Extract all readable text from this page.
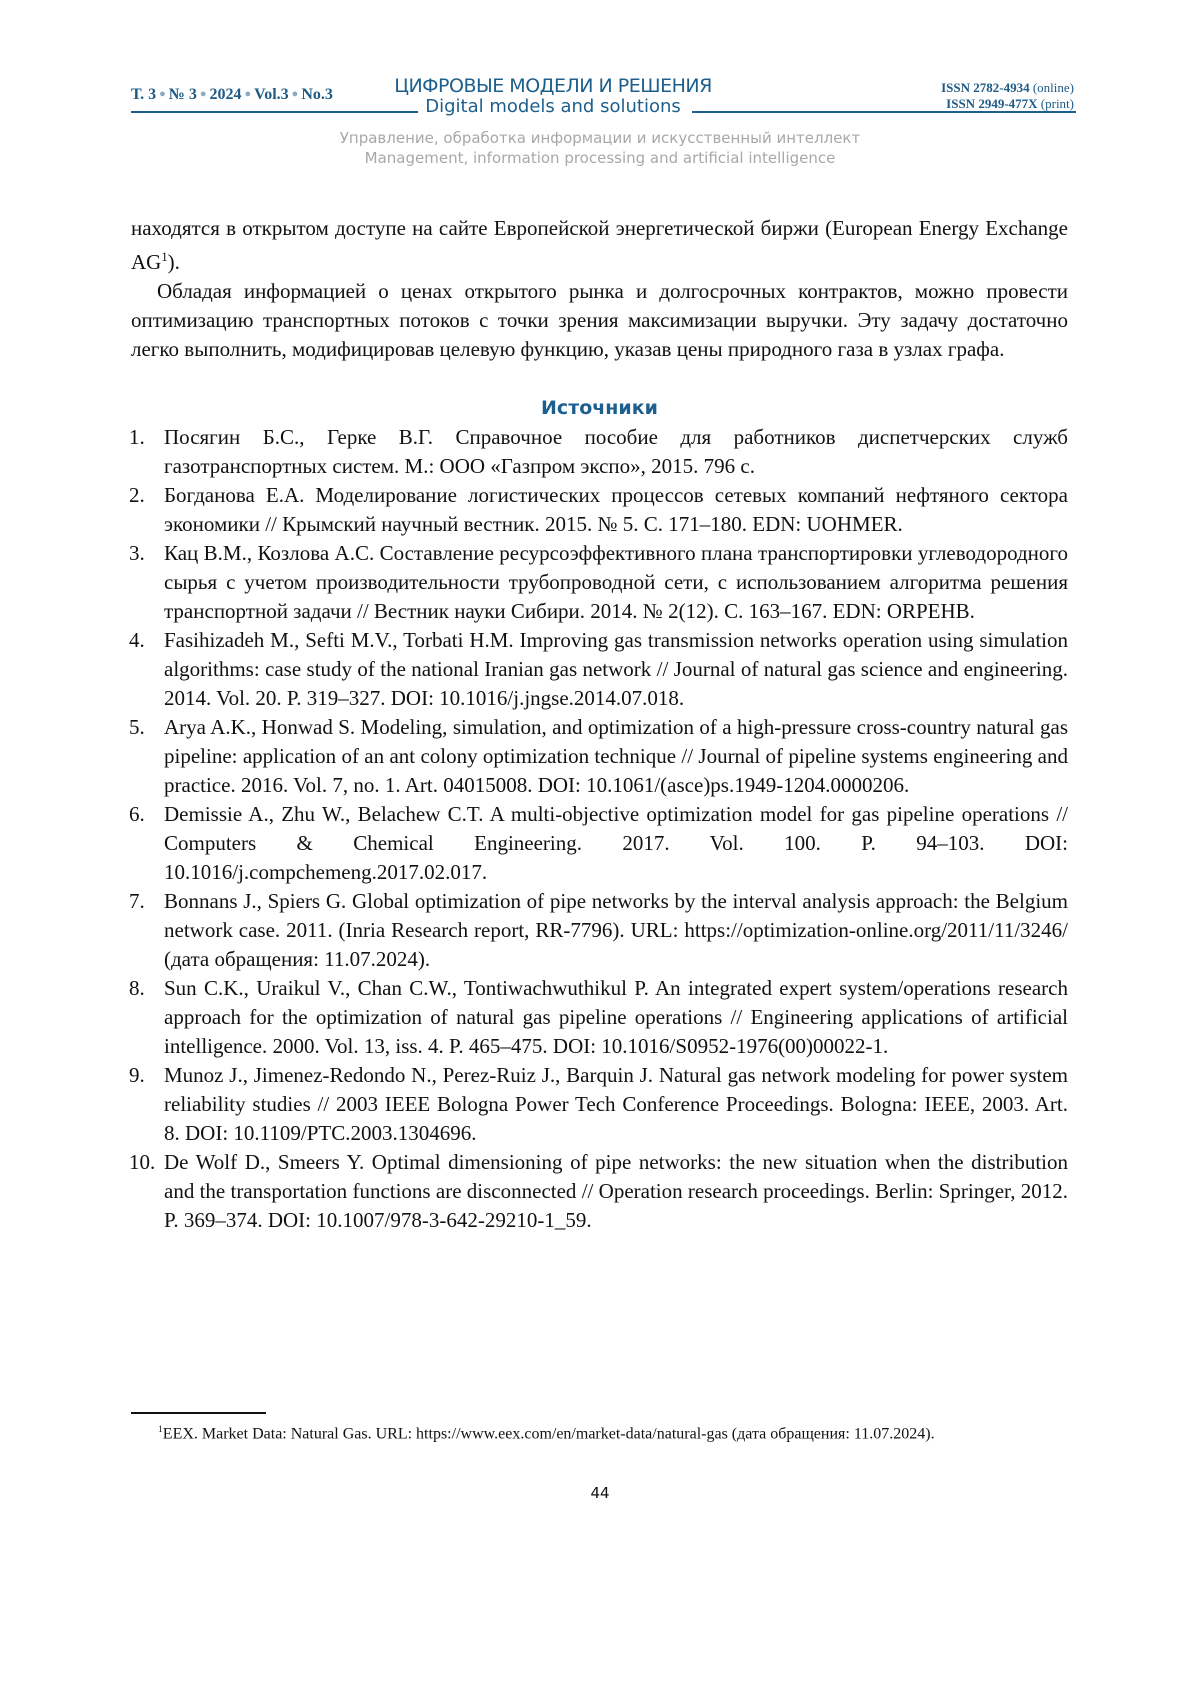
Т. 3 ● № 3 ● 2024 ● Vol.3 ● No.3	ЦИФРОВЫЕ МОДЕЛИ И РЕШЕНИЯ
Digital models and solutions
ISSN 2782-4934 (online)
ISSN 2949-477X (print)
Управление, обработка информации и искусственный интеллект
Management, information processing and artificial intelligence

находятся в открытом доступе на сайте Европейской энергетической биржи (European Energy Exchange AG1).

Обладая информацией о ценах открытого рынка и долгосрочных контрактов, можно провести оптимизацию транспортных потоков с точки зрения максимизации выручки. Эту задачу достаточно легко выполнить, модифицировав целевую функцию, указав цены природного газа в узлах графа.

Источники
1. Посягин Б.С., Герке В.Г. Справочное пособие для работников диспетчерских служб газотранспортных систем. М.: ООО «Газпром экспо», 2015. 796 с.
2. Богданова Е.А. Моделирование логистических процессов сетевых компаний нефтяного сектора экономики // Крымский научный вестник. 2015. № 5. С. 171–180. EDN: UOHMER.
3. Кац В.М., Козлова А.С. Составление ресурсоэффективного плана транспортировки углеводородного сырья с учетом производительности трубопроводной сети, с использованием алгоритма решения транспортной задачи // Вестник науки Сибири. 2014. № 2(12). С. 163–167. EDN: ORPEHB.
4. Fasihizadeh M., Sefti M.V., Torbati H.M. Improving gas transmission networks operation using simulation algorithms: case study of the national Iranian gas network // Journal of natural gas science and engineering. 2014. Vol. 20. P. 319–327. DOI: 10.1016/j.jngse.2014.07.018.
5. Arya A.K., Honwad S. Modeling, simulation, and optimization of a high-pressure cross-country natural gas pipeline: application of an ant colony optimization technique // Journal of pipeline systems engineering and practice. 2016. Vol. 7, no. 1. Art. 04015008. DOI: 10.1061/(asce)ps.1949-1204.0000206.
6. Demissie A., Zhu W., Belachew C.T. A multi-objective optimization model for gas pipeline operations // Computers & Chemical Engineering. 2017. Vol. 100. P. 94–103. DOI: 10.1016/j.compchemeng.2017.02.017.
7. Bonnans J., Spiers G. Global optimization of pipe networks by the interval analysis approach: the Belgium network case. 2011. (Inria Research report, RR-7796). URL: https://optimization-online.org/2011/11/3246/ (дата обращения: 11.07.2024).
8. Sun C.K., Uraikul V., Chan C.W., Tontiwachwuthikul P. An integrated expert system/operations research approach for the optimization of natural gas pipeline operations // Engineering applications of artificial intelligence. 2000. Vol. 13, iss. 4. P. 465–475. DOI: 10.1016/S0952-1976(00)00022-1.
9. Munoz J., Jimenez-Redondo N., Perez-Ruiz J., Barquin J. Natural gas network modeling for power system reliability studies // 2003 IEEE Bologna Power Tech Conference Proceedings. Bologna: IEEE, 2003. Art. 8. DOI: 10.1109/PTC.2003.1304696.
10. De Wolf D., Smeers Y. Optimal dimensioning of pipe networks: the new situation when the distribution and the transportation functions are disconnected // Operation research proceedings. Berlin: Springer, 2012. P. 369–374. DOI: 10.1007/978-3-642-29210-1_59.
1EEX. Market Data: Natural Gas. URL: https://www.eex.com/en/market-data/natural-gas (дата обращения: 11.07.2024).
44
